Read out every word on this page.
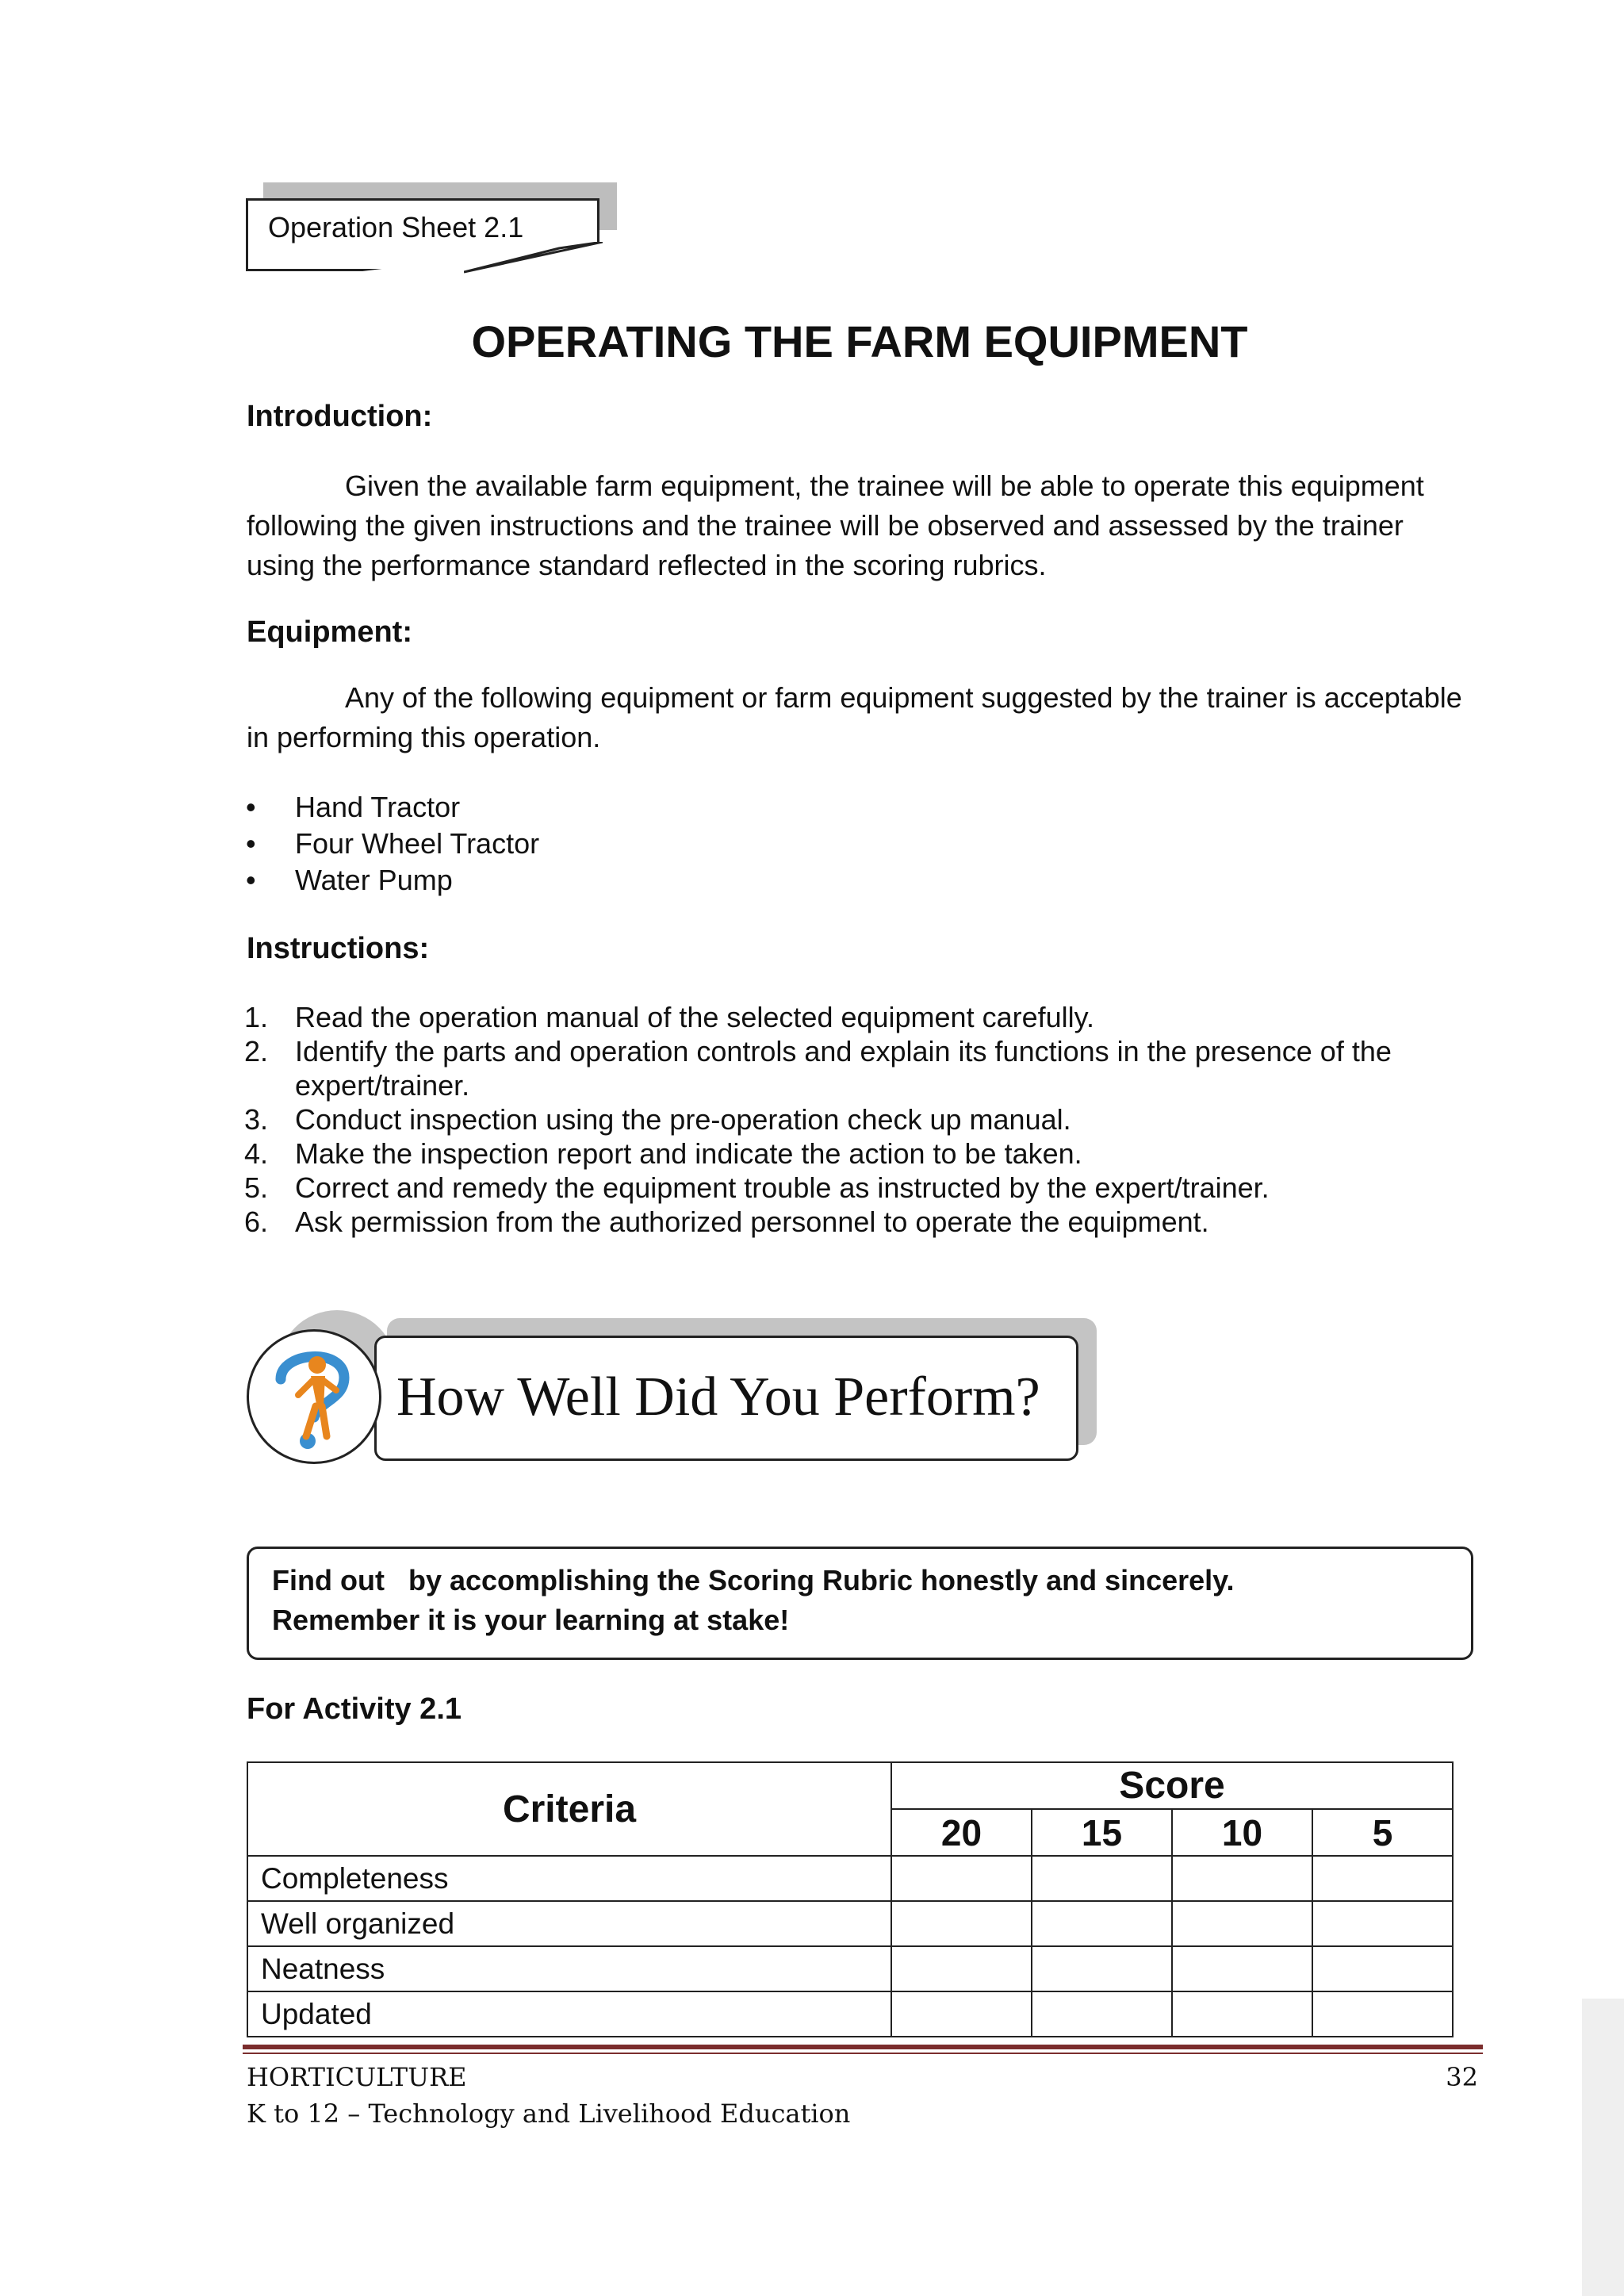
Operation Sheet 2.1
OPERATING THE FARM EQUIPMENT
Introduction:
Given the available farm equipment, the trainee will be able to operate this equipment following the given instructions and the trainee will be observed and assessed by the trainer using the performance standard reflected in the scoring rubrics.
Equipment:
Any of the following equipment or farm equipment suggested by the trainer is acceptable in performing this operation.
• Hand Tractor
• Four Wheel Tractor
• Water Pump
Instructions:
1. Read the operation manual of the selected equipment carefully.
2. Identify the parts and operation controls and explain its functions in the presence of the expert/trainer.
3. Conduct inspection using the pre-operation check up manual.
4. Make the inspection report and indicate the action to be taken.
5. Correct and remedy the equipment trouble as instructed by the expert/trainer.
6. Ask permission from the authorized personnel to operate the equipment.
How Well Did You Perform?
Find out   by accomplishing the Scoring Rubric honestly and sincerely.
Remember it is your learning at stake!
For Activity 2.1
Criteria	Score			
	20	15	10	5
Completeness				
Well organized				
Neatness				
Updated				
HORTICULTURE
K to 12 – Technology and Livelihood Education
32
